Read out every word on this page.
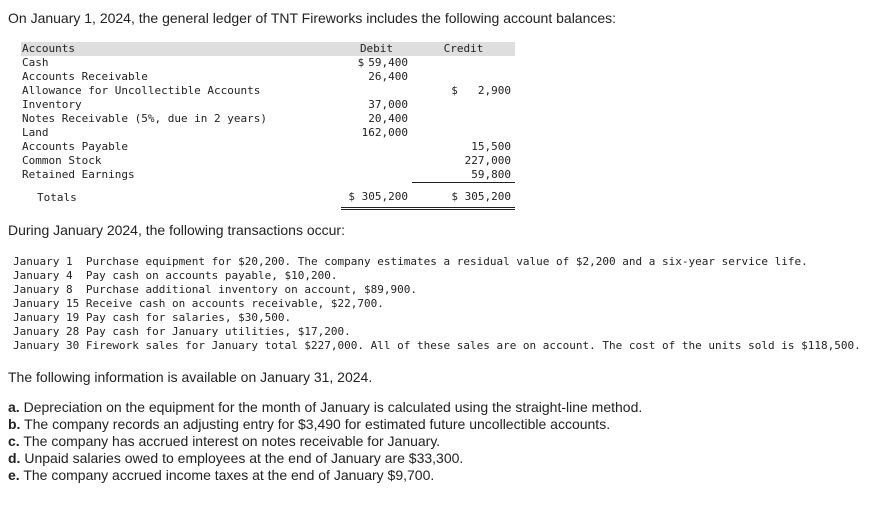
On January 1, 2024, the general ledger of TNT Fireworks includes the following account balances:
Accounts	Debit	Credit
Cash	$ 59,400	
Accounts Receivable	26,400	
Allowance for Uncollectible Accounts		$ 2,900
Inventory	37,000	
Notes Receivable (5%, due in 2 years)	20,400	
Land	162,000	
Accounts Payable		15,500
Common Stock		227,000
Retained Earnings		59,800

Totals	$ 305,200	$ 305,200
During January 2024, the following transactions occur:
January 1  Purchase equipment for $20,200. The company estimates a residual value of $2,200 and a six-year service life.
January 4  Pay cash on accounts payable, $10,200.
January 8  Purchase additional inventory on account, $89,900.
January 15 Receive cash on accounts receivable, $22,700.
January 19 Pay cash for salaries, $30,500.
January 28 Pay cash for January utilities, $17,200.
January 30 Firework sales for January total $227,000. All of these sales are on account. The cost of the units sold is $118,500.
The following information is available on January 31, 2024.
a. Depreciation on the equipment for the month of January is calculated using the straight-line method.
b. The company records an adjusting entry for $3,490 for estimated future uncollectible accounts.
c. The company has accrued interest on notes receivable for January.
d. Unpaid salaries owed to employees at the end of January are $33,300.
e. The company accrued income taxes at the end of January $9,700.
